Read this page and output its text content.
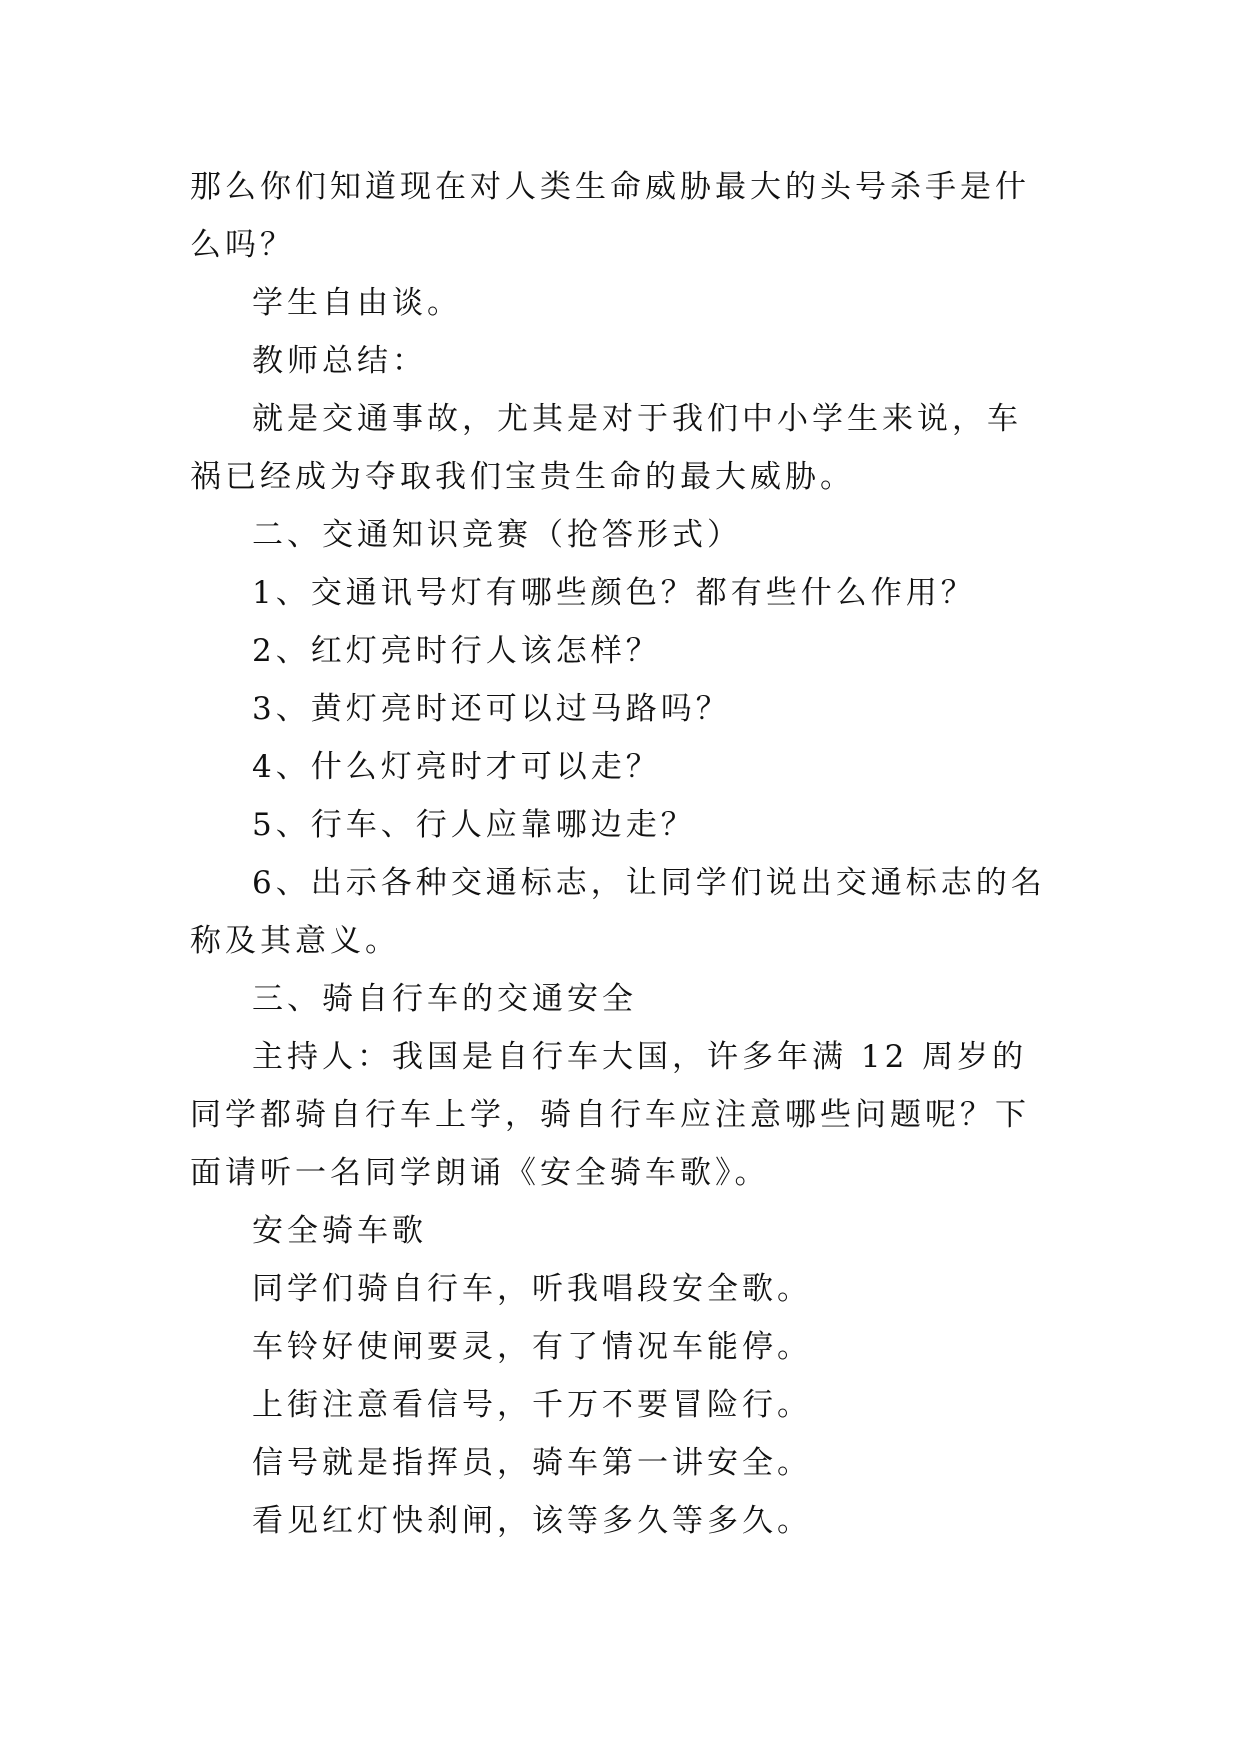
那么你们知道现在对人类生命威胁最大的头号杀手是什么吗？

学生自由谈。

教师总结：

就是交通事故，尤其是对于我们中小学生来说，车祸已经成为夺取我们宝贵生命的最大威胁。

二、交通知识竞赛（抢答形式）

1、交通讯号灯有哪些颜色？都有些什么作用？

2、红灯亮时行人该怎样？

3、黄灯亮时还可以过马路吗？

4、什么灯亮时才可以走？

5、行车、行人应靠哪边走？

6、出示各种交通标志，让同学们说出交通标志的名称及其意义。

三、骑自行车的交通安全

主持人：我国是自行车大国，许多年满 12 周岁的同学都骑自行车上学，骑自行车应注意哪些问题呢？下面请听一名同学朗诵《安全骑车歌》。

安全骑车歌

同学们骑自行车，听我唱段安全歌。

车铃好使闸要灵，有了情况车能停。

上街注意看信号，千万不要冒险行。

信号就是指挥员，骑车第一讲安全。

看见红灯快刹闸，该等多久等多久。
